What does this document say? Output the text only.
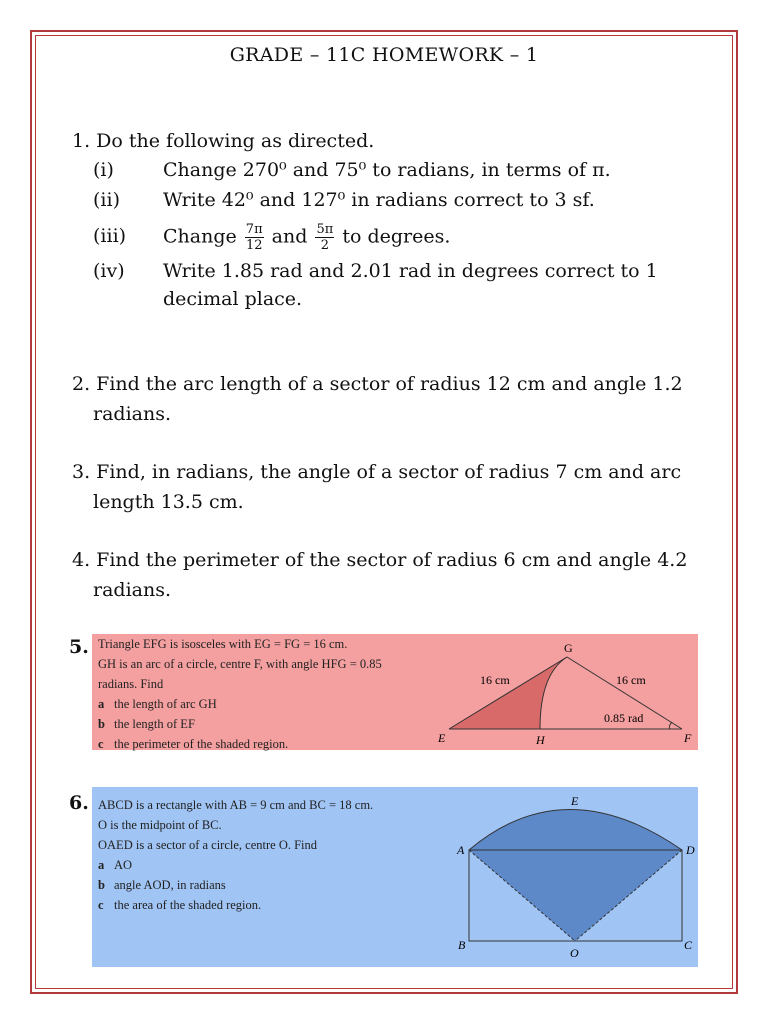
GRADE – 11C HOMEWORK – 1
1. Do the following as directed.
(i)	Change 270⁰ and 75⁰ to radians, in terms of π.
(ii) Write 42⁰ and 127⁰ in radians correct to 3 sf.
(iii) Change $\frac{7\pi}{12}$ and $\frac{5\pi}{2}$ to degrees.
(iv) Write 1.85 rad and 2.01 rad in degrees correct to 1
decimal place.
2. Find the arc length of a sector of radius 12 cm and angle 1.2
radians.
3. Find, in radians, the angle of a sector of radius 7 cm and arc
length 13.5 cm.
4. Find the perimeter of the sector of radius 6 cm and angle 4.2
radians.
5. Triangle EFG is isosceles with EG = FG = 16 cm.
GH is an arc of a circle, centre F, with angle HFG = 0.85
radians. Find
a the length of arc GH
b the length of EF
c the perimeter of the shaded region.
G
E	H	F
16 cm	16 cm
0.85 rad
6. ABCD is a rectangle with AB = 9 cm and BC = 18 cm.
O is the midpoint of BC.
OAED is a sector of a circle, centre O. Find
a AO
b angle AOD, in radians
c the area of the shaded region.
E
A	D
B	C
O
